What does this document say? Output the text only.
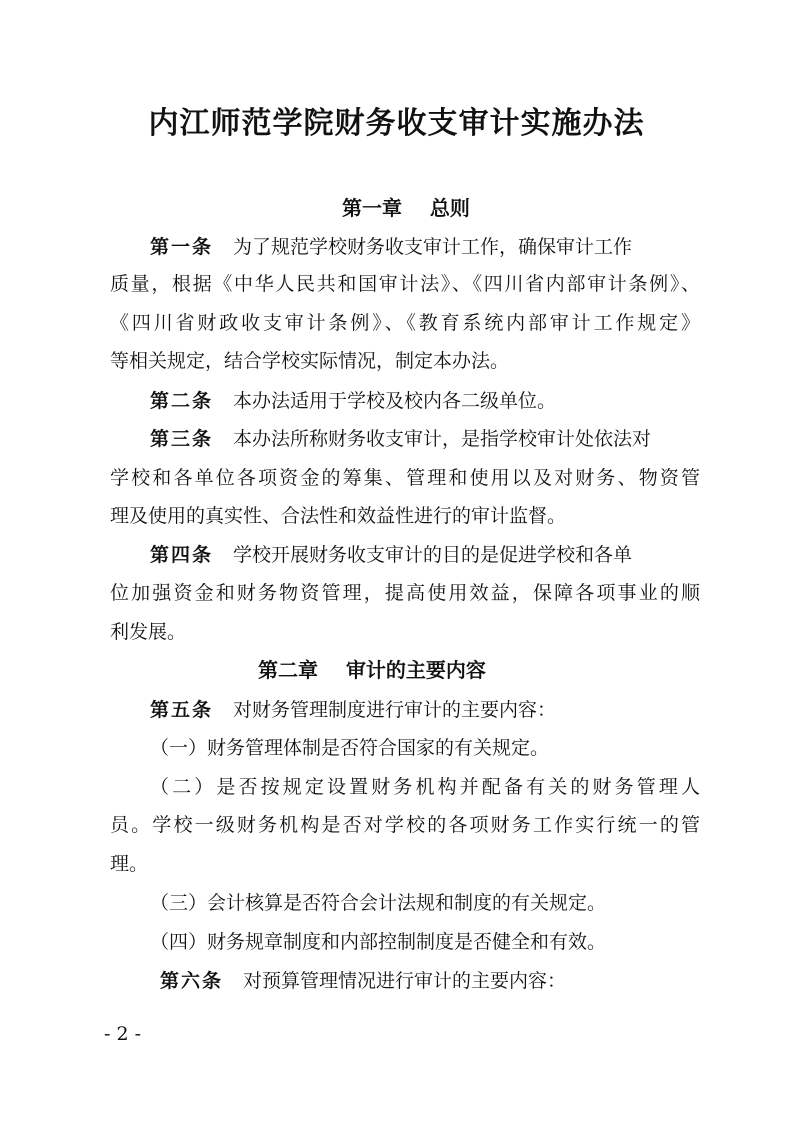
内江师范学院财务收支审计实施办法
第一章    总则
第一条 为了规范学校财务收支审计工作，确保审计工作
质量，根据《中华人民共和国审计法》、《四川省内部审计条例》、
《四川省财政收支审计条例》、《教育系统内部审计工作规定》
等相关规定，结合学校实际情况，制定本办法。
第二条 本办法适用于学校及校内各二级单位。
第三条 本办法所称财务收支审计，是指学校审计处依法对
学校和各单位各项资金的筹集、管理和使用以及对财务、物资管
理及使用的真实性、合法性和效益性进行的审计监督。
第四条 学校开展财务收支审计的目的是促进学校和各单
位加强资金和财务物资管理，提高使用效益，保障各项事业的顺
利发展。
第二章    审计的主要内容
第五条 对财务管理制度进行审计的主要内容：
（一）财务管理体制是否符合国家的有关规定。
（二）是否按规定设置财务机构并配备有关的财务管理人
员。学校一级财务机构是否对学校的各项财务工作实行统一的管
理。
（三）会计核算是否符合会计法规和制度的有关规定。
（四）财务规章制度和内部控制制度是否健全和有效。
第六条 对预算管理情况进行审计的主要内容：
- 2 -
